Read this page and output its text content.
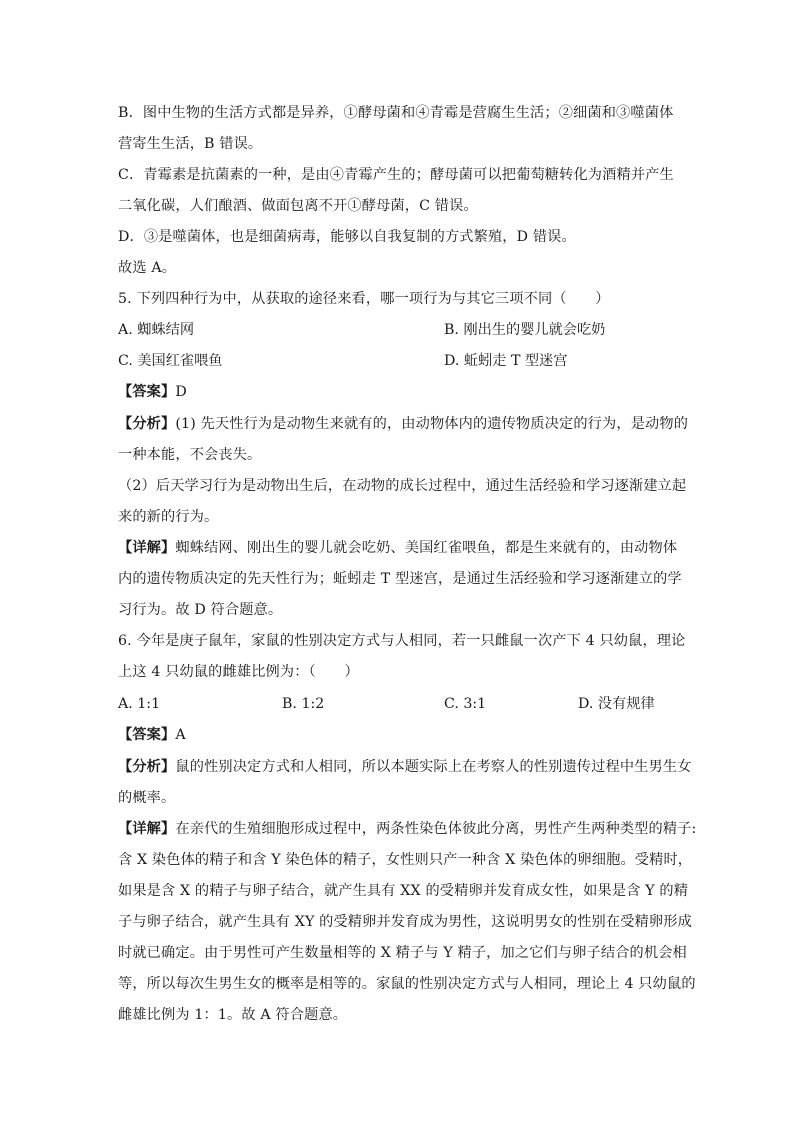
B．图中生物的生活方式都是异养，①酵母菌和④青霉是营腐生生活；②细菌和③噬菌体
营寄生生活，B 错误。
C．青霉素是抗菌素的一种，是由④青霉产生的；酵母菌可以把葡萄糖转化为酒精并产生
二氧化碳，人们酿酒、做面包离不开①酵母菌，C 错误。
D．③是噬菌体，也是细菌病毒，能够以自我复制的方式繁殖，D 错误。
故选 A。
5. 下列四种行为中，从获取的途径来看，哪一项行为与其它三项不同（　　）
A. 蜘蛛结网	B. 刚出生的婴儿就会吃奶
C. 美国红雀喂鱼	D. 蚯蚓走 T 型迷宫
【答案】D
【分析】(1) 先天性行为是动物生来就有的，由动物体内的遗传物质决定的行为，是动物的
一种本能，不会丧失。
（2）后天学习行为是动物出生后，在动物的成长过程中，通过生活经验和学习逐渐建立起
来的新的行为。
【详解】蜘蛛结网、刚出生的婴儿就会吃奶、美国红雀喂鱼，都是生来就有的，由动物体
内的遗传物质决定的先天性行为；蚯蚓走 T 型迷宫，是通过生活经验和学习逐渐建立的学
习行为。故 D 符合题意。
6. 今年是庚子鼠年，家鼠的性别决定方式与人相同，若一只雌鼠一次产下 4 只幼鼠，理论
上这 4 只幼鼠的雌雄比例为：（　　）
A. 1:1	B. 1:2	C. 3:1	D. 没有规律
【答案】A
【分析】鼠的性别决定方式和人相同，所以本题实际上在考察人的性别遗传过程中生男生女
的概率。
【详解】在亲代的生殖细胞形成过程中，两条性染色体彼此分离，男性产生两种类型的精子:
含 X 染色体的精子和含 Y 染色体的精子，女性则只产一种含 X 染色体的卵细胞。受精时，
如果是含 X 的精子与卵子结合，就产生具有 XX 的受精卵并发育成女性，如果是含 Y 的精
子与卵子结合，就产生具有 XY 的受精卵并发育成为男性，这说明男女的性别在受精卵形成
时就已确定。由于男性可产生数量相等的 X 精子与 Y 精子，加之它们与卵子结合的机会相
等，所以每次生男生女的概率是相等的。家鼠的性别决定方式与人相同，理论上 4 只幼鼠的
雌雄比例为 1：1。故 A 符合题意。
